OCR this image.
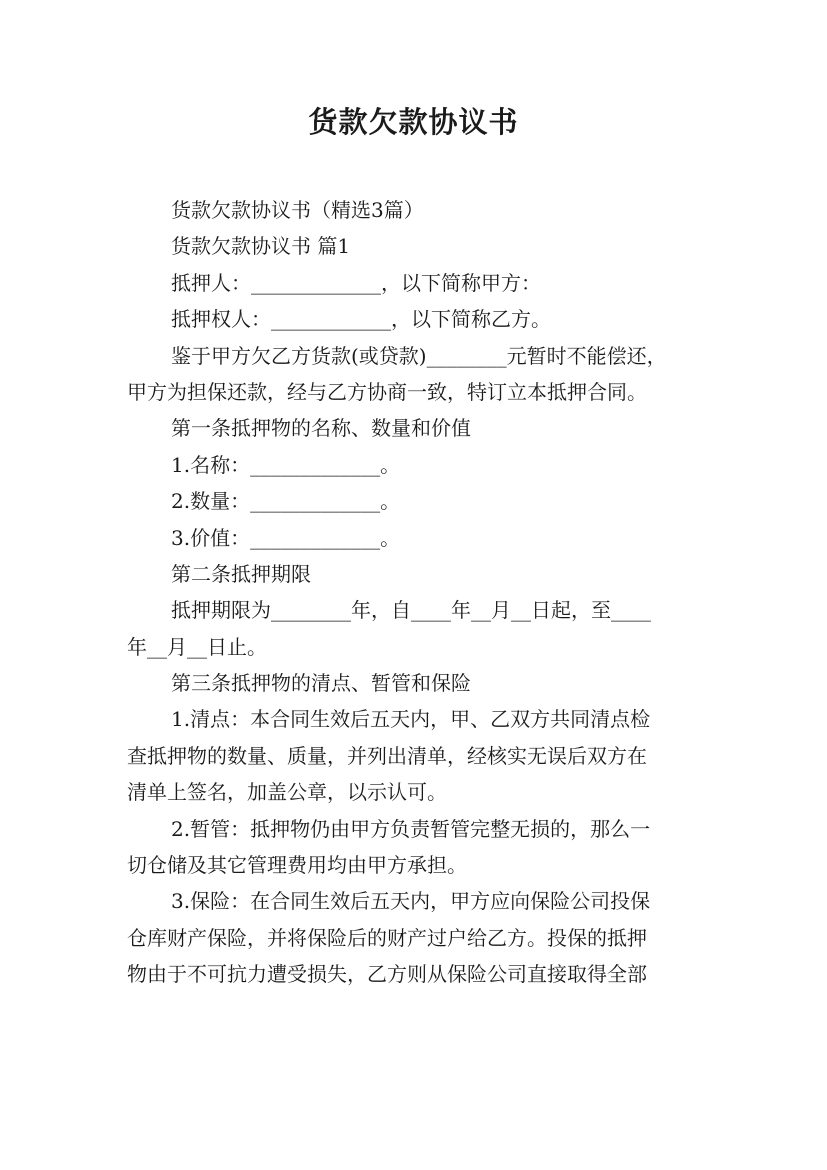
货款欠款协议书
货款欠款协议书（精选3篇）
货款欠款协议书 篇1
抵押人：_____________，以下简称甲方：
抵押权人：____________，以下简称乙方。
鉴于甲方欠乙方货款(或贷款)________元暂时不能偿还，
甲方为担保还款，经与乙方协商一致，特订立本抵押合同。
第一条抵押物的名称、数量和价值
1.名称：_____________。
2.数量：_____________。
3.价值：_____________。
第二条抵押期限
抵押期限为________年，自____年__月__日起，至____
年__月__日止。
第三条抵押物的清点、暂管和保险
1.清点：本合同生效后五天内，甲、乙双方共同清点检
查抵押物的数量、质量，并列出清单，经核实无误后双方在
清单上签名，加盖公章，以示认可。
2.暂管：抵押物仍由甲方负责暂管完整无损的，那么一
切仓储及其它管理费用均由甲方承担。
3.保险：在合同生效后五天内，甲方应向保险公司投保
仓库财产保险，并将保险后的财产过户给乙方。投保的抵押
物由于不可抗力遭受损失，乙方则从保险公司直接取得全部
